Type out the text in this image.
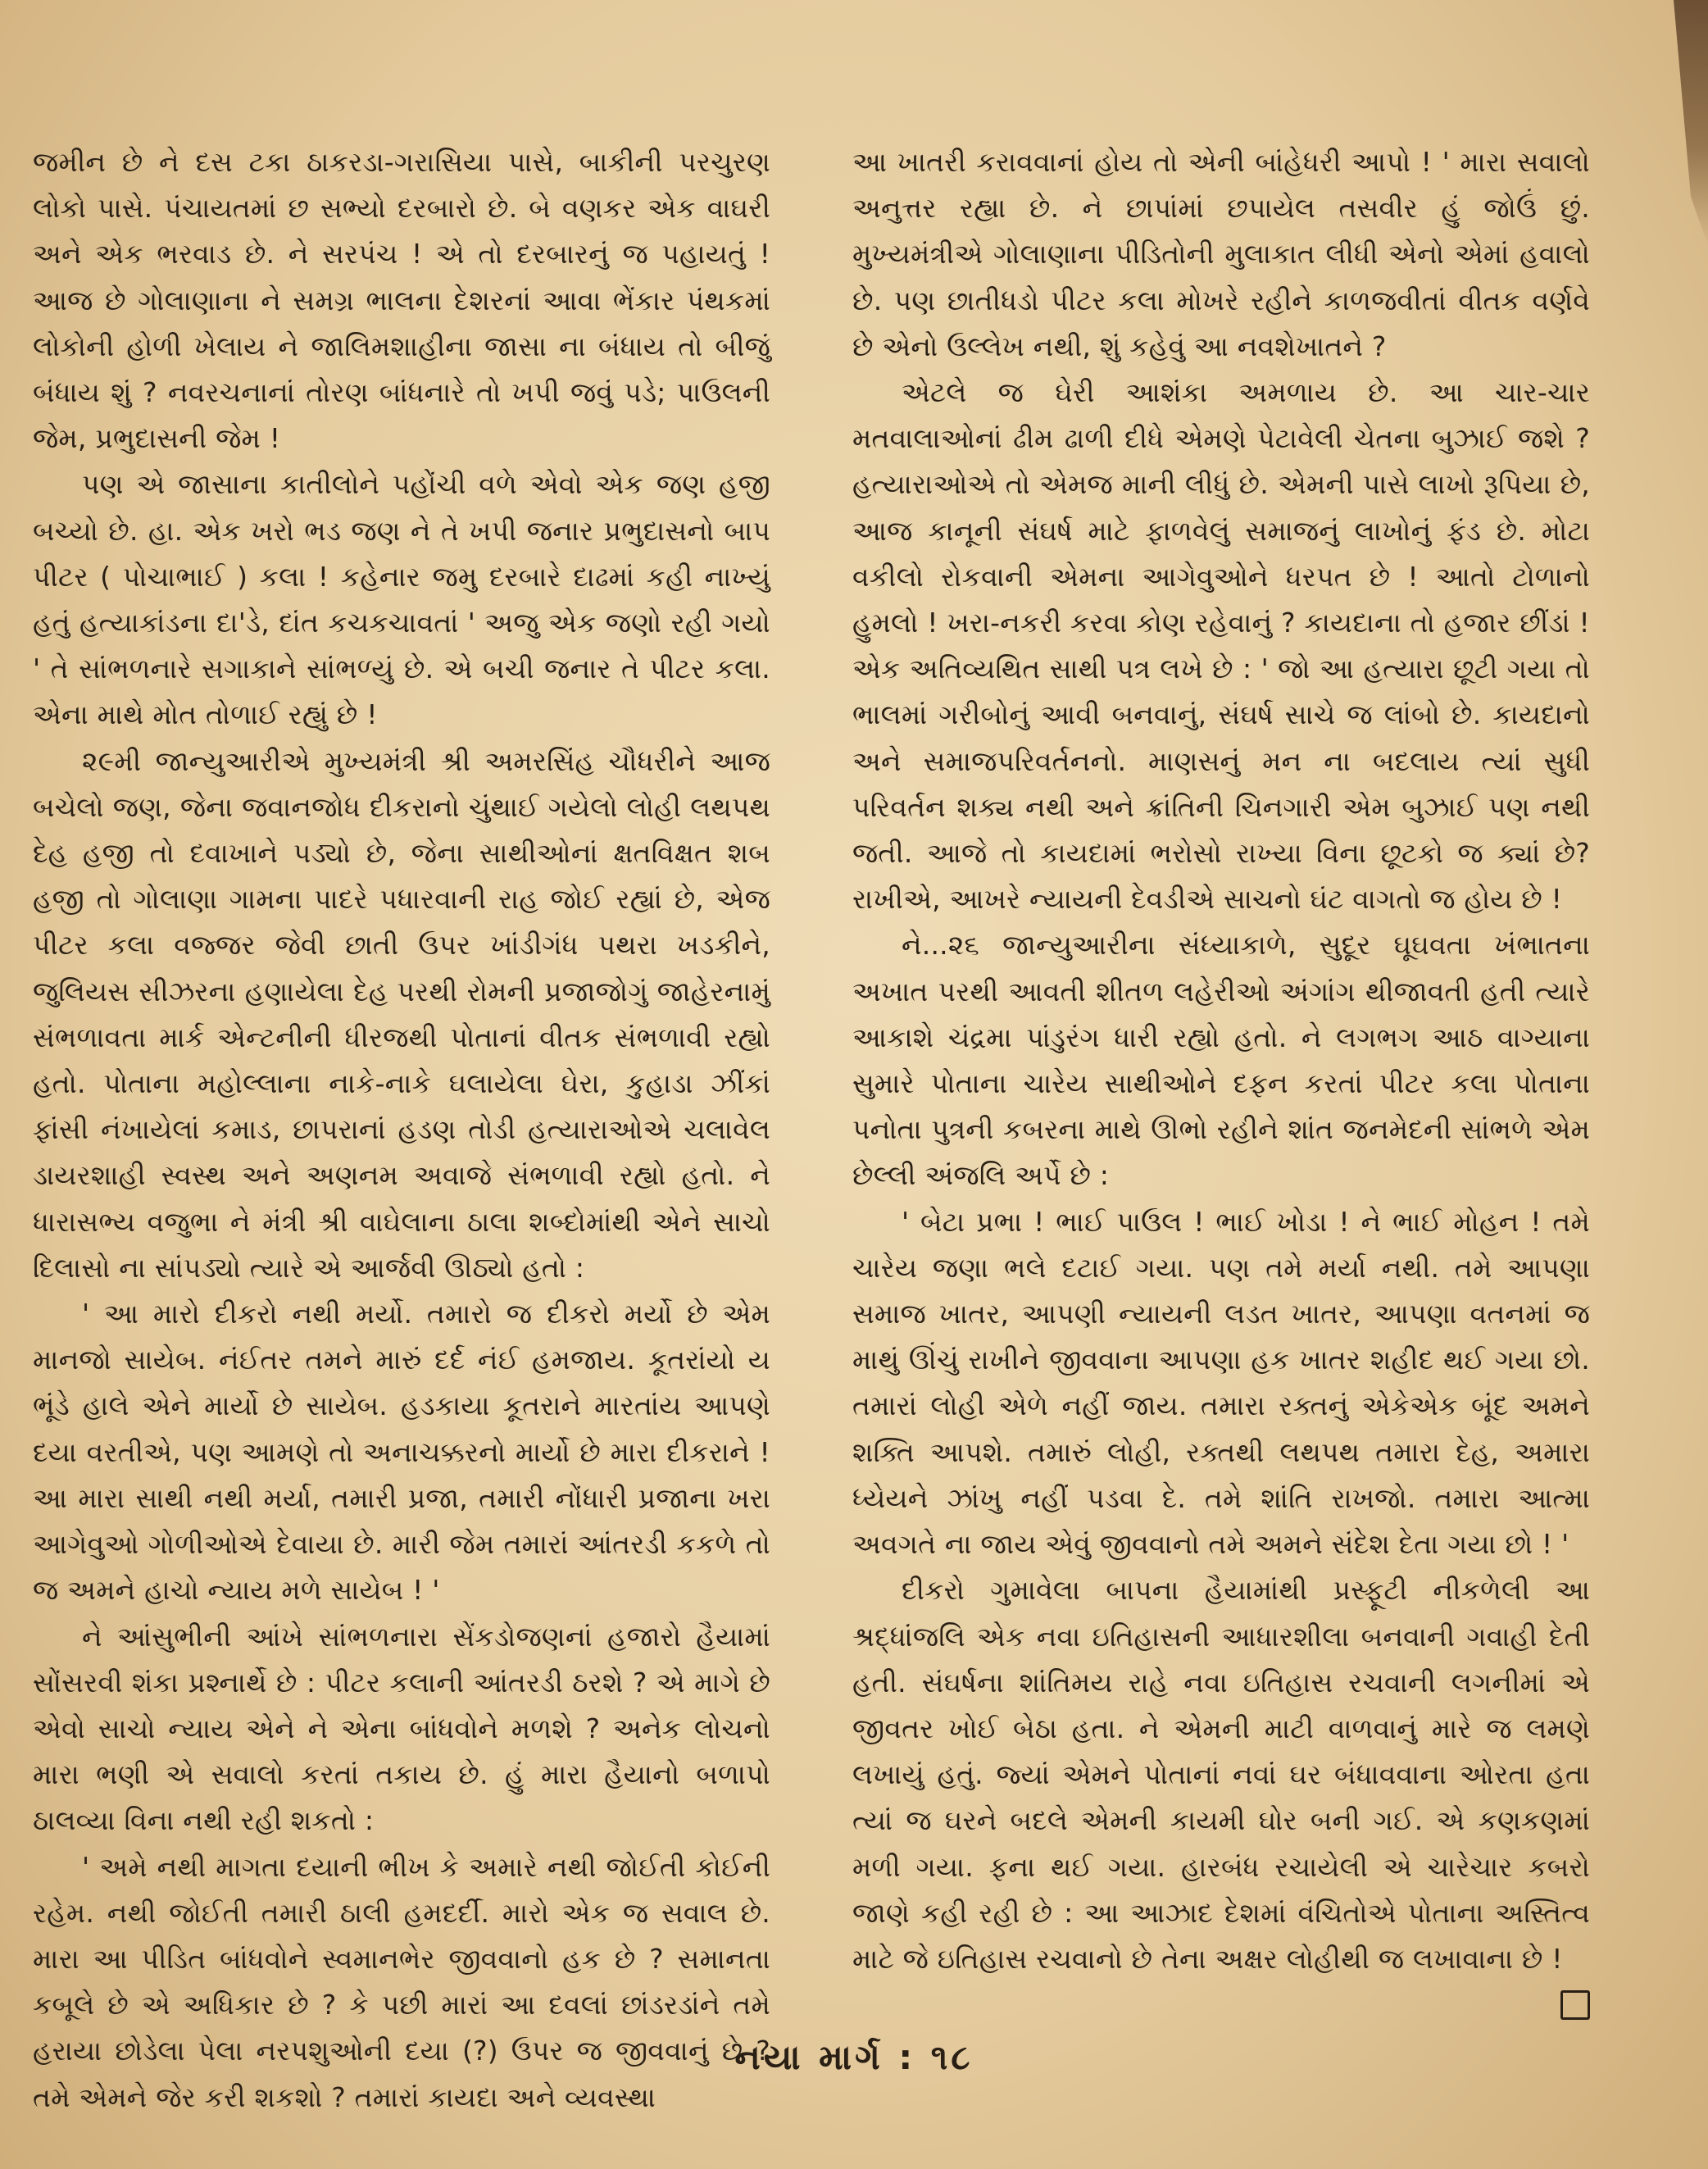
જમીન છે ને દસ ટકા ઠાકરડા-ગરાસિયા પાસે, બાકીની પરચુરણ લોકો પાસે. પંચાયતમાં છ સભ્યો દરબારો છે. બે વણકર એક વાઘરી અને એક ભરવાડ છે. ને સરપંચ ! એ તો દરબારનું જ પહાયતું ! આજ છે ગોલાણાના ને સમગ્ર ભાલના દેશરનાં આવા ભેંકાર પંથકમાં લોકોની હોળી ખેલાય ને જાલિમશાહીના જાસા ના બંધાય તો બીજું બંધાય શું ? નવરચનાનાં તોરણ બાંધનારે તો ખપી જવું પડે; પાઉલની જેમ, પ્રભુદાસની જેમ !

પણ એ જાસાના કાતીલોને પહોંચી વળે એવો એક જણ હજી બચ્યો છે. હા. એક ખરો ભડ જણ ને તે ખપી જનાર પ્રભુદાસનો બાપ પીટર ( પોચાભાઈ ) કલા ! કહેનાર જમુ દરબારે દાઢમાં કહી નાખ્યું હતું હત્યાકાંડના દા'ડે, દાંત કચકચાવતાં ' અજુ એક જણો રહી ગયો ' તે સાંભળનારે સગાકાને સાંભળ્યું છે. એ બચી જનાર તે પીટર કલા. એના માથે મોત તોળાઈ રહ્યું છે !

૨૯મી જાન્યુઆરીએ મુખ્યમંત્રી શ્રી અમરસિંહ ચૌધરીને આજ બચેલો જણ, જેના જવાનજોધ દીકરાનો ચુંથાઈ ગયેલો લોહી લથપથ દેહ હજી તો દવાખાને પડ્યો છે, જેના સાથીઓનાં ક્ષતવિક્ષત શબ હજી તો ગોલાણા ગામના પાદરે પધારવાની રાહ જોઈ રહ્યાં છે, એજ પીટર કલા વજ્જર જેવી છાતી ઉપર ખાંડીગંધ પથરા ખડકીને, જુલિયસ સીઝરના હણાયેલા દેહ પરથી રોમની પ્રજાજોગું જાહેરનામું સંભળાવતા માર્ક એન્ટનીની ધીરજથી પોતાનાં વીતક સંભળાવી રહ્યો હતો. પોતાના મહોલ્લાના નાકે-નાકે ઘલાયેલા ઘેરા, કુહાડા ઝીંકાં ફાંસી નંખાયેલાં કમાડ, છાપરાનાં હડણ તોડી હત્યારાઓએ ચલાવેલ ડાયરશાહી સ્વસ્થ અને અણનમ અવાજે સંભળાવી રહ્યો હતો. ને ધારાસભ્ય વજુભા ને મંત્રી શ્રી વાઘેલાના ઠાલા શબ્દોમાંથી એને સાચો દિલાસો ના સાંપડ્યો ત્યારે એ આર્જવી ઊઠ્યો હતો :

' આ મારો દીકરો નથી મર્યો. તમારો જ દીકરો મર્યો છે એમ માનજો સાયેબ. નંઈતર તમને મારું દર્દ નંઈ હમજાય. કૂતરાંયો ય ભૂંડે હાલે એને માર્યો છે સાયેબ. હડકાયા કૂતરાને મારતાંય આપણે દયા વરતીએ, પણ આમણે તો અનાચક્કરનો માર્યો છે મારા દીકરાને ! આ મારા સાથી નથી મર્યા, તમારી પ્રજા, તમારી નોંધારી પ્રજાના ખરા આગેવુઓ ગોળીઓએ દેવાયા છે. મારી જેમ તમારાં આંતરડી કકળે તો જ અમને હાચો ન્યાય મળે સાયેબ ! '

ને આંસુભીની આંખે સાંભળનારા સેંકડોજણનાં હજારો હૈયામાં સોંસરવી શંકા પ્રશ્નાર્થે છે : પીટર કલાની આંતરડી ઠરશે ? એ માગે છે એવો સાચો ન્યાય એને ને એના બાંધવોને મળશે ? અનેક લોચનો મારા ભણી એ સવાલો કરતાં તકાય છે. હું મારા હૈયાનો બળાપો ઠાલવ્યા વિના નથી રહી શકતો :

' અમે નથી માગતા દયાની ભીખ કે અમારે નથી જોઈતી કોઈની રહેમ. નથી જોઈતી તમારી ઠાલી હમદર્દી. મારો એક જ સવાલ છે. મારા આ પીડિત બાંધવોને સ્વમાનભેર જીવવાનો હક છે ? સમાનતા કબૂલે છે એ અધિકાર છે ? કે પછી મારાં આ દવલાં છાંડરડાંને તમે હરાયા છોડેલા પેલા નરપશુઓની દયા (?) ઉપર જ જીવવાનું છે ? તમે એમને જેર કરી શકશો ? તમારાં કાયદા અને વ્યવસ્થા

આ ખાતરી કરાવવાનાં હોય તો એની બાંહેધરી આપો ! ' મારા સવાલો અનુત્તર રહ્યા છે. ને છાપાંમાં છપાયેલ તસવીર હું જોઉં છું. મુખ્યમંત્રીએ ગોલાણાના પીડિતોની મુલાકાત લીધી એનો એમાં હવાલો છે. પણ છાતીધડો પીટર કલા મોખરે રહીને કાળજવીતાં વીતક વર્ણવે છે એનો ઉલ્લેખ નથી, શું કહેવું આ નવશેખાતને ?

એટલે જ ઘેરી આશંકા અમળાય છે. આ ચાર-ચાર મતવાલાઓનાં ઢીમ ઢાળી દીધે એમણે પેટાવેલી ચેતના બુઝાઈ જશે ? હત્યારાઓએ તો એમજ માની લીધું છે. એમની પાસે લાખો રૂપિયા છે, આજ કાનૂની સંઘર્ષ માટે ફાળવેલું સમાજનું લાખોનું ફંડ છે. મોટા વકીલો રોકવાની એમના આગેવુઓને ધરપત છે ! આતો ટોળાનો હુમલો ! ખરા-નકરી કરવા કોણ રહેવાનું ? કાયદાના તો હજાર છીંડાં ! એક અતિવ્યથિત સાથી પત્ર લખે છે : ' જો આ હત્યારા છૂટી ગયા તો ભાલમાં ગરીબોનું આવી બનવાનું, સંઘર્ષ સાચે જ લાંબો છે. કાયદાનો અને સમાજપરિવર્તનનો. માણસનું મન ના બદલાય ત્યાં સુધી પરિવર્તન શક્ય નથી અને ક્રાંતિની ચિનગારી એમ બુઝાઈ પણ નથી જતી. આજે તો કાયદામાં ભરોસો રાખ્યા વિના છૂટકો જ ક્યાં છે? રાખીએ, આખરે ન્યાયની દેવડીએ સાચનો ઘંટ વાગતો જ હોય છે !

ને...૨૬ જાન્યુઆરીના સંધ્યાકાળે, સુદૂર ઘૂઘવતા ખંભાતના અખાત પરથી આવતી શીતળ લહેરીઓ અંગાંગ થીજાવતી હતી ત્યારે આકાશે ચંદ્રમા પાંડુરંગ ધારી રહ્યો હતો. ને લગભગ આઠ વાગ્યાના સુમારે પોતાના ચારેય સાથીઓને દફન કરતાં પીટર કલા પોતાના પનોતા પુત્રની કબરના માથે ઊભો રહીને શાંત જનમેદની સાંભળે એમ છેલ્લી અંજલિ અર્પે છે :

' બેટા પ્રભા ! ભાઈ પાઉલ ! ભાઈ ખોડા ! ને ભાઈ મોહન ! તમે ચારેય જણા ભલે દટાઈ ગયા. પણ તમે મર્યા નથી. તમે આપણા સમાજ ખાતર, આપણી ન્યાયની લડત ખાતર, આપણા વતનમાં જ માથું ઊંચું રાખીને જીવવાના આપણા હક ખાતર શહીદ થઈ ગયા છો. તમારાં લોહી એળે નહીં જાય. તમારા રક્તનું એકેએક બૂંદ અમને શક્તિ આપશે. તમારું લોહી, રક્તથી લથપથ તમારા દેહ, અમારા ધ્યેયને ઝાંખુ નહીં પડવા દે. તમે શાંતિ રાખજો. તમારા આત્મા અવગતે ના જાય એવું જીવવાનો તમે અમને સંદેશ દેતા ગયા છો ! '

દીકરો ગુમાવેલા બાપના હૈયામાંથી પ્રસ્ફૂટી નીકળેલી આ શ્રદ્ધાંજલિ એક નવા ઇતિહાસની આધારશીલા બનવાની ગવાહી દેતી હતી. સંઘર્ષના શાંતિમય રાહે નવા ઇતિહાસ રચવાની લગનીમાં એ જીવતર ખોઈ બેઠા હતા. ને એમની માટી વાળવાનું મારે જ લમણે લખાયું હતું. જ્યાં એમને પોતાનાં નવાં ઘર બંધાવવાના ઓરતા હતા ત્યાં જ ઘરને બદલે એમની કાયમી ઘોર બની ગઈ. એ કણકણમાં મળી ગયા. ફના થઈ ગયા. હારબંધ રચાયેલી એ ચારેચાર કબરો જાણે કહી રહી છે : આ આઝાદ દેશમાં વંચિતોએ પોતાના અસ્તિત્વ માટે જે ઇતિહાસ રચવાનો છે તેના અક્ષર લોહીથી જ લખાવાના છે !

નયા માર્ગ : ૧૮
